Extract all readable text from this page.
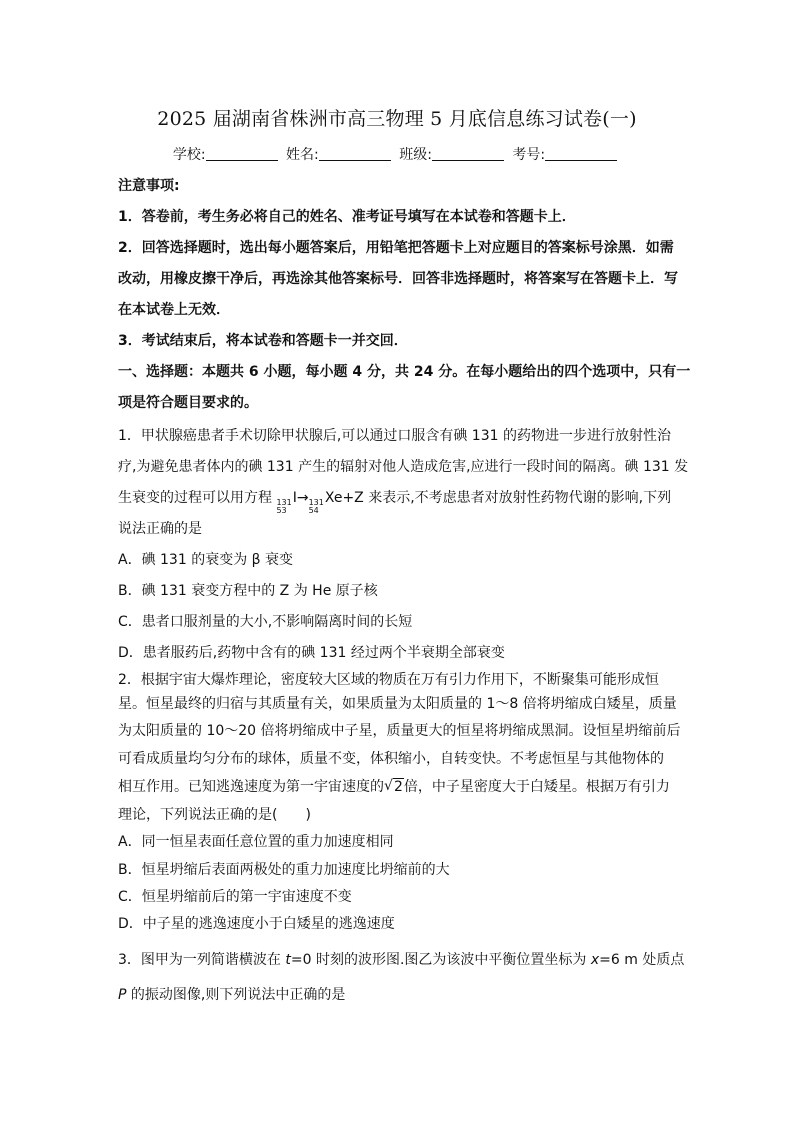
2025 届湖南省株洲市高三物理 5 月底信息练习试卷(一)
学校:	姓名:	班级:	考号:
注意事项:
1．答卷前，考生务必将自己的姓名、准考证号填写在本试卷和答题卡上．
2．回答选择题时，选出每小题答案后，用铅笔把答题卡上对应题目的答案标号涂黑．如需
改动，用橡皮擦干净后，再选涂其他答案标号．回答非选择题时，将答案写在答题卡上．写
在本试卷上无效．
3．考试结束后，将本试卷和答题卡一并交回．
一、选择题：本题共 6 小题，每小题 4 分，共 24 分。在每小题给出的四个选项中，只有一
项是符合题目要求的。
1．甲状腺癌患者手术切除甲状腺后,可以通过口服含有碘 131 的药物进一步进行放射性治
疗,为避免患者体内的碘 131 产生的辐射对他人造成危害,应进行一段时间的隔离。碘 131 发
生衰变的过程可以用方程 131
53
I→ 131
54
Xe+Z 来表示,不考虑患者对放射性药物代谢的影响,下列
说法正确的是
A．碘 131 的衰变为 β 衰变
B．碘 131 衰变方程中的 Z 为 He 原子核
C．患者口服剂量的大小,不影响隔离时间的长短
D．患者服药后,药物中含有的碘 131 经过两个半衰期全部衰变
2．根据宇宙大爆炸理论，密度较大区域的物质在万有引力作用下，不断聚集可能形成恒
星。恒星最终的归宿与其质量有关，如果质量为太阳质量的 1～8 倍将坍缩成白矮星，质量
为太阳质量的 10～20 倍将坍缩成中子星，质量更大的恒星将坍缩成黑洞。设恒星坍缩前后
可看成质量均匀分布的球体，质量不变，体积缩小，自转变快。不考虑恒星与其他物体的
相互作用。已知逃逸速度为第一宇宙速度的 √ 2倍，中子星密度大于白矮星。根据万有引力
理论，下列说法正确的是(　　)
A．同一恒星表面任意位置的重力加速度相同
B．恒星坍缩后表面两极处的重力加速度比坍缩前的大
C．恒星坍缩前后的第一宇宙速度不变
D．中子星的逃逸速度小于白矮星的逃逸速度
3．图甲为一列简谐横波在 t=0 时刻的波形图.图乙为该波中平衡位置坐标为 x=6 m 处质点
P 的振动图像,则下列说法中正确的是
